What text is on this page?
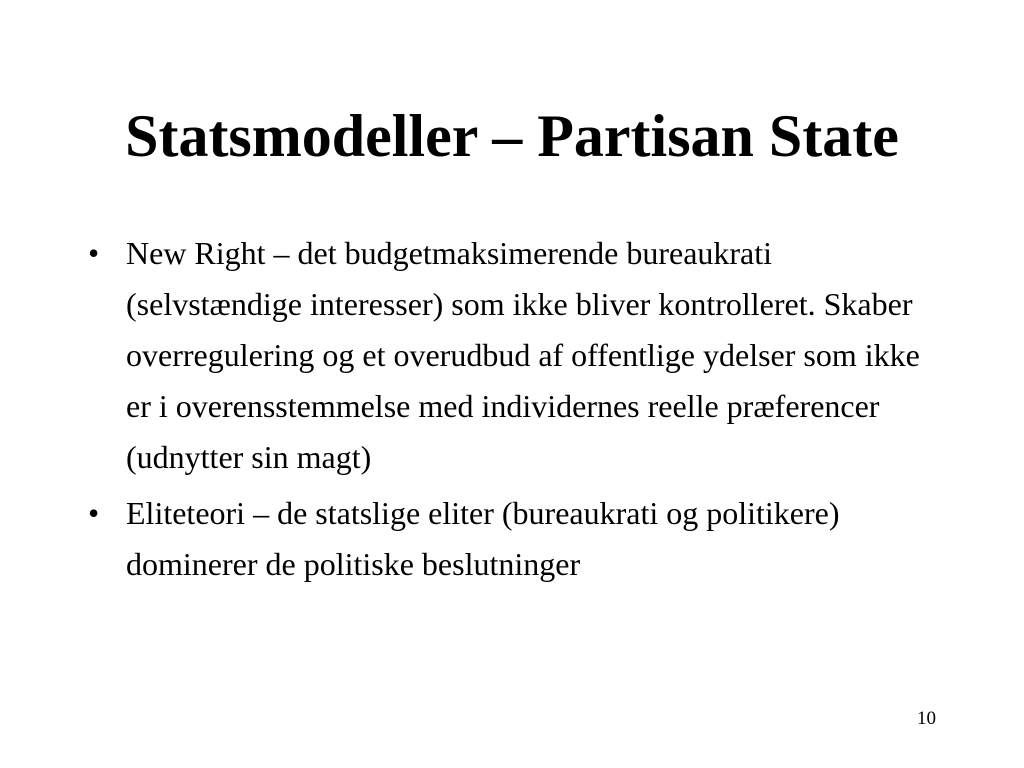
Statsmodeller – Partisan State
• New Right – det budgetmaksimerende bureaukrati (selvstændige interesser) som ikke bliver kontrolleret. Skaber overregulering og et overudbud af offentlige ydelser som ikke er i overensstemmelse med individernes reelle præferencer (udnytter sin magt)
• Eliteteori – de statslige eliter (bureaukrati og politikere) dominerer de politiske beslutninger
10
